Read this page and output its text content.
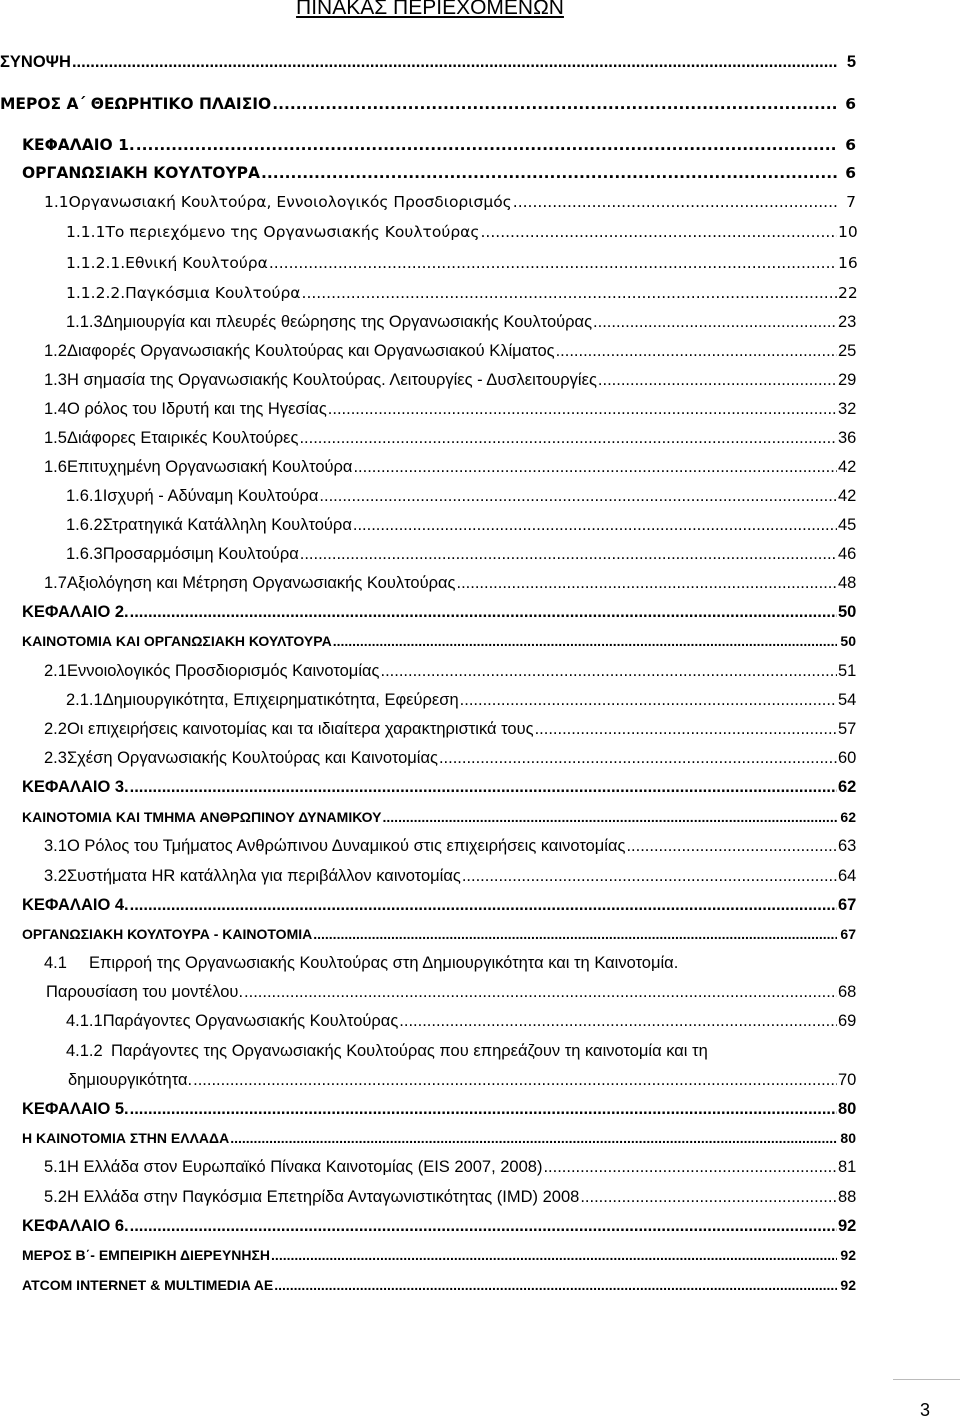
ΠΙΝΑΚΑΣ ΠΕΡΙΕΧΟΜΕΝΩΝ
ΣΥΝΟΨΗ .....	5
ΜΕΡΟΣ Α΄ ΘΕΩΡΗΤΙΚΟ ΠΛΑΙΣΙΟ .....	6
ΚΕΦΑΛΑΙΟ 1. .....	6
ΟΡΓΑΝΩΣΙΑΚΗ ΚΟΥΛΤΟΥΡΑ .....	6
1.1 Οργανωσιακή Κουλτούρα, Εννοιολογικός Προσδιορισμός .....	7
1.1.1 Το περιεχόμενο της Οργανωσιακής Κουλτούρας .....	10
1.1.2.1. Εθνική Κουλτούρα .....	16
1.1.2.2. Παγκόσμια Κουλτούρα .....	22
1.1.3 Δημιουργία και πλευρές θεώρησης της Οργανωσιακής Κουλτούρας .....	23
1.2 Διαφορές Οργανωσιακής Κουλτούρας και Οργανωσιακού Κλίματος .....	25
1.3 Η σημασία της Οργανωσιακής Κουλτούρας. Λειτουργίες - Δυσλειτουργίες .....	29
1.4 Ο ρόλος του Ιδρυτή και της Ηγεσίας .....	32
1.5 Διάφορες Εταιρικές Κουλτούρες .....	36
1.6 Επιτυχημένη Οργανωσιακή Κουλτούρα .....	42
1.6.1 Ισχυρή - Αδύναμη Κουλτούρα .....	42
1.6.2 Στρατηγικά Κατάλληλη Κουλτούρα .....	45
1.6.3 Προσαρμόσιμη Κουλτούρα .....	46
1.7 Αξιολόγηση και Μέτρηση Οργανωσιακής Κουλτούρας .....	48
ΚΕΦΑΛΑΙΟ 2. .....	50
ΚΑΙΝΟΤΟΜΙΑ ΚΑΙ ΟΡΓΑΝΩΣΙΑΚΗ ΚΟΥΛΤΟΥΡΑ .....	50
2.1 Εννοιολογικός Προσδιορισμός Καινοτομίας .....	51
2.1.1 Δημιουργικότητα, Επιχειρηματικότητα, Εφεύρεση .....	54
2.2 Οι επιχειρήσεις καινοτομίας και τα ιδιαίτερα χαρακτηριστικά τους .....	57
2.3 Σχέση Οργανωσιακής Κουλτούρας και Καινοτομίας .....	60
ΚΕΦΑΛΑΙΟ 3. .....	62
ΚΑΙΝΟΤΟΜΙΑ ΚΑΙ ΤΜΗΜΑ ΑΝΘΡΩΠΙΝΟΥ ΔΥΝΑΜΙΚΟΥ .....	62
3.1 Ο Ρόλος του Τμήματος Ανθρώπινου Δυναμικού στις επιχειρήσεις καινοτομίας .....	63
3.2 Συστήματα HR κατάλληλα για περιβάλλον καινοτομίας .....	64
ΚΕΦΑΛΑΙΟ 4. .....	67
ΟΡΓΑΝΩΣΙΑΚΗ ΚΟΥΛΤΟΥΡΑ - ΚΑΙΝΟΤΟΜΙΑ .....	67
4.1 Επιρροή της Οργανωσιακής Κουλτούρας στη Δημιουργικότητα και τη Καινοτομία.
Παρουσίαση του μοντέλου. .....	68
4.1.1 Παράγοντες Οργανωσιακής Κουλτούρας .....	69
4.1.2 Παράγοντες της Οργανωσιακής Κουλτούρας που επηρεάζουν τη καινοτομία και τη
δημιουργικότητα. .....	70
ΚΕΦΑΛΑΙΟ 5. .....	80
Η ΚΑΙΝΟΤΟΜΙΑ ΣΤΗΝ ΕΛΛΑΔΑ .....	80
5.1 Η Ελλάδα στον Ευρωπαϊκό Πίνακα Καινοτομίας (EIS 2007, 2008) .....	81
5.2 Η Ελλάδα στην Παγκόσμια Επετηρίδα Ανταγωνιστικότητας (IMD) 2008 .....	88
ΚΕΦΑΛΑΙΟ 6. .....	92
ΜΕΡΟΣ Β΄- ΕΜΠΕΙΡΙΚΗ ΔΙΕΡΕΥΝΗΣΗ .....	92
ATCOM INTERNET & MULTIMEDIA AE .....	92
3
